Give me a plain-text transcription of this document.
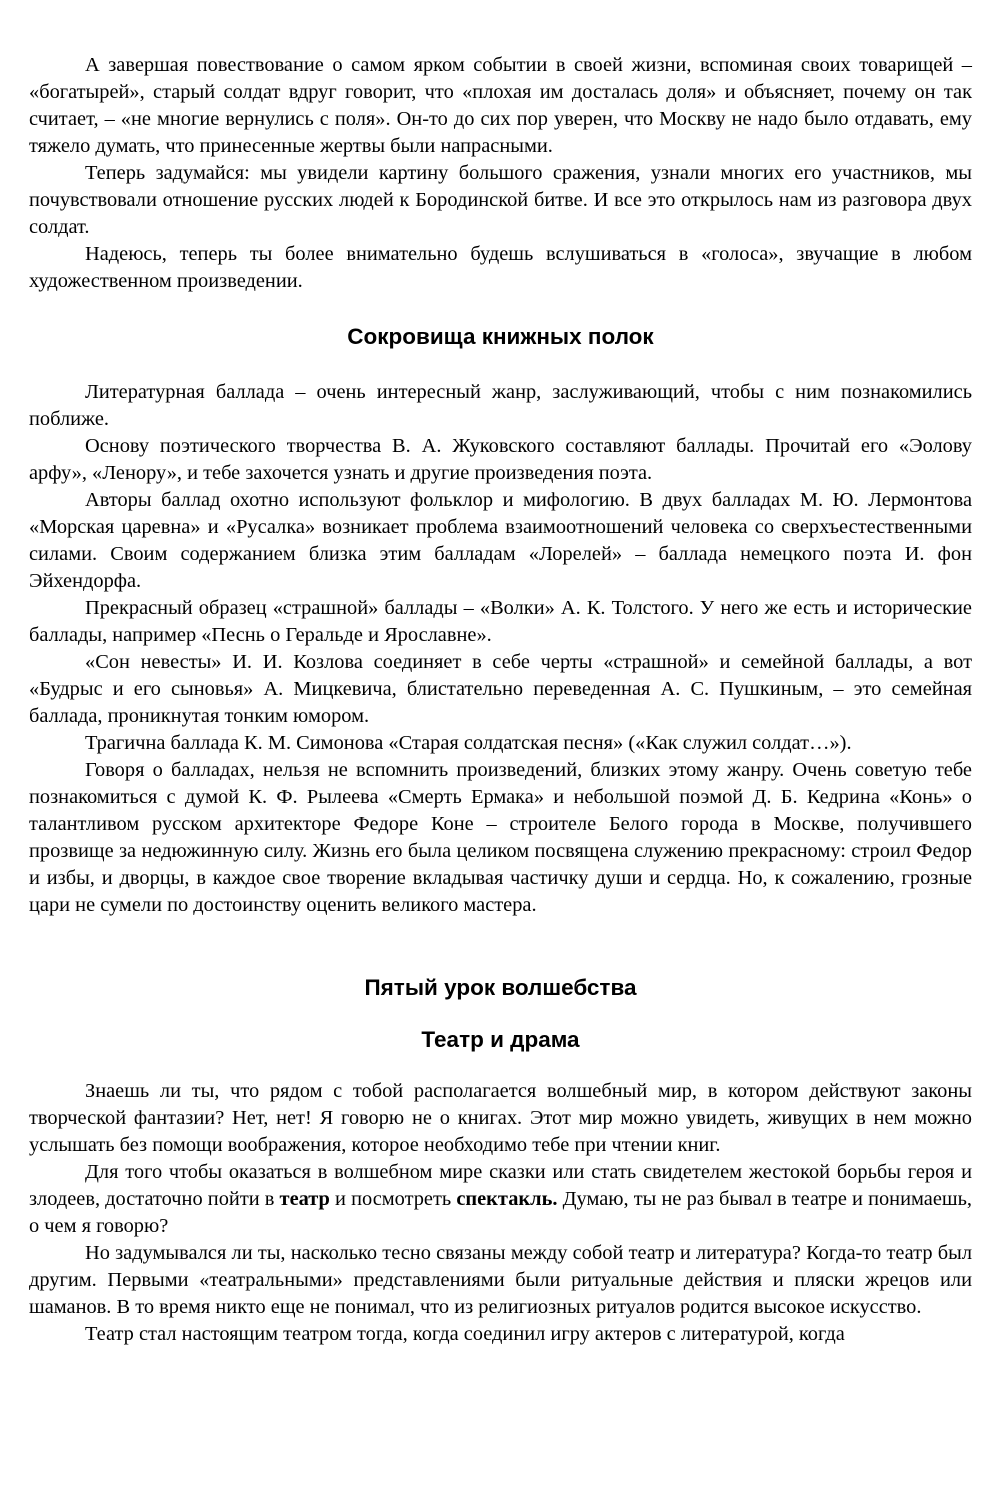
А завершая повествование о самом ярком событии в своей жизни, вспоминая своих товарищей – «богатырей», старый солдат вдруг говорит, что «плохая им досталась доля» и объясняет, почему он так считает, – «не многие вернулись с поля». Он-то до сих пор уверен, что Москву не надо было отдавать, ему тяжело думать, что принесенные жертвы были напрасными.

Теперь задумайся: мы увидели картину большого сражения, узнали многих его участников, мы почувствовали отношение русских людей к Бородинской битве. И все это открылось нам из разговора двух солдат.

Надеюсь, теперь ты более внимательно будешь вслушиваться в «голоса», звучащие в любом художественном произведении.

Сокровища книжных полок

Литературная баллада – очень интересный жанр, заслуживающий, чтобы с ним познакомились поближе.

Основу поэтического творчества В. А. Жуковского составляют баллады. Прочитай его «Эолову арфу», «Ленору», и тебе захочется узнать и другие произведения поэта.

Авторы баллад охотно используют фольклор и мифологию. В двух балладах М. Ю. Лермонтова «Морская царевна» и «Русалка» возникает проблема взаимоотношений человека со сверхъестественными силами. Своим содержанием близка этим балладам «Лорелей» – баллада немецкого поэта И. фон Эйхендорфа.

Прекрасный образец «страшной» баллады – «Волки» А. К. Толстого. У него же есть и исторические баллады, например «Песнь о Геральде и Ярославне».

«Сон невесты» И. И. Козлова соединяет в себе черты «страшной» и семейной баллады, а вот «Будрыс и его сыновья» А. Мицкевича, блистательно переведенная А. С. Пушкиным, – это семейная баллада, проникнутая тонким юмором.

Трагична баллада К. М. Симонова «Старая солдатская песня» («Как служил солдат…»).

Говоря о балладах, нельзя не вспомнить произведений, близких этому жанру. Очень советую тебе познакомиться с думой К. Ф. Рылеева «Смерть Ермака» и небольшой поэмой Д. Б. Кедрина «Конь» о талантливом русском архитекторе Федоре Коне – строителе Белого города в Москве, получившего прозвище за недюжинную силу. Жизнь его была целиком посвящена служению прекрасному: строил Федор и избы, и дворцы, в каждое свое творение вкладывая частичку души и сердца. Но, к сожалению, грозные цари не сумели по достоинству оценить великого мастера.

Пятый урок волшебства
Театр и драма

Знаешь ли ты, что рядом с тобой располагается волшебный мир, в котором действуют законы творческой фантазии? Нет, нет! Я говорю не о книгах. Этот мир можно увидеть, живущих в нем можно услышать без помощи воображения, которое необходимо тебе при чтении книг.

Для того чтобы оказаться в волшебном мире сказки или стать свидетелем жестокой борьбы героя и злодеев, достаточно пойти в театр и посмотреть спектакль. Думаю, ты не раз бывал в театре и понимаешь, о чем я говорю?

Но задумывался ли ты, насколько тесно связаны между собой театр и литература? Когда-то театр был другим. Первыми «театральными» представлениями были ритуальные действия и пляски жрецов или шаманов. В то время никто еще не понимал, что из религиозных ритуалов родится высокое искусство.

Театр стал настоящим театром тогда, когда соединил игру актеров с литературой, когда
